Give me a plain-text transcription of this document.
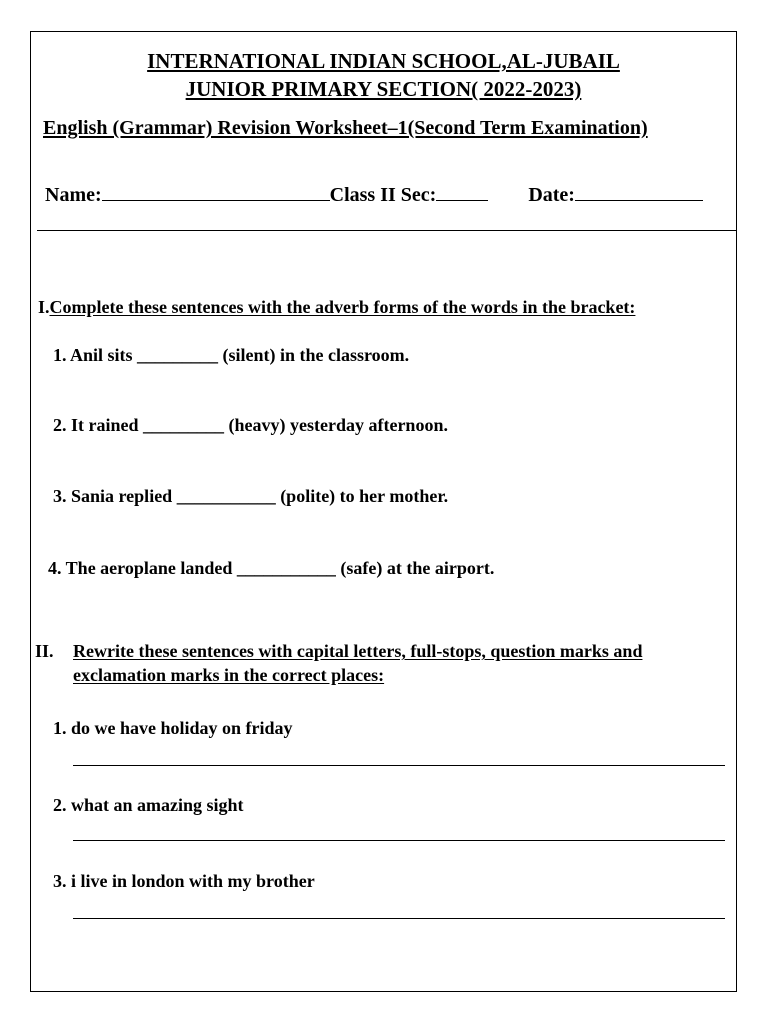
INTERNATIONAL INDIAN SCHOOL,AL-JUBAIL
JUNIOR PRIMARY SECTION( 2022-2023)
English (Grammar) Revision Worksheet–1(Second Term Examination)
Name:	Class II Sec:	Date:
I.Complete these sentences with the adverb forms of the words in the bracket:
1. Anil sits _________ (silent) in the classroom.
2. It rained _________ (heavy) yesterday afternoon.
3. Sania replied ___________ (polite) to her mother.
4. The aeroplane landed ___________ (safe) at the airport.
II. Rewrite these sentences with capital letters, full-stops, question marks and
exclamation marks in the correct places:
1. do we have holiday on friday
2. what an amazing sight
3. i live in london with my brother
